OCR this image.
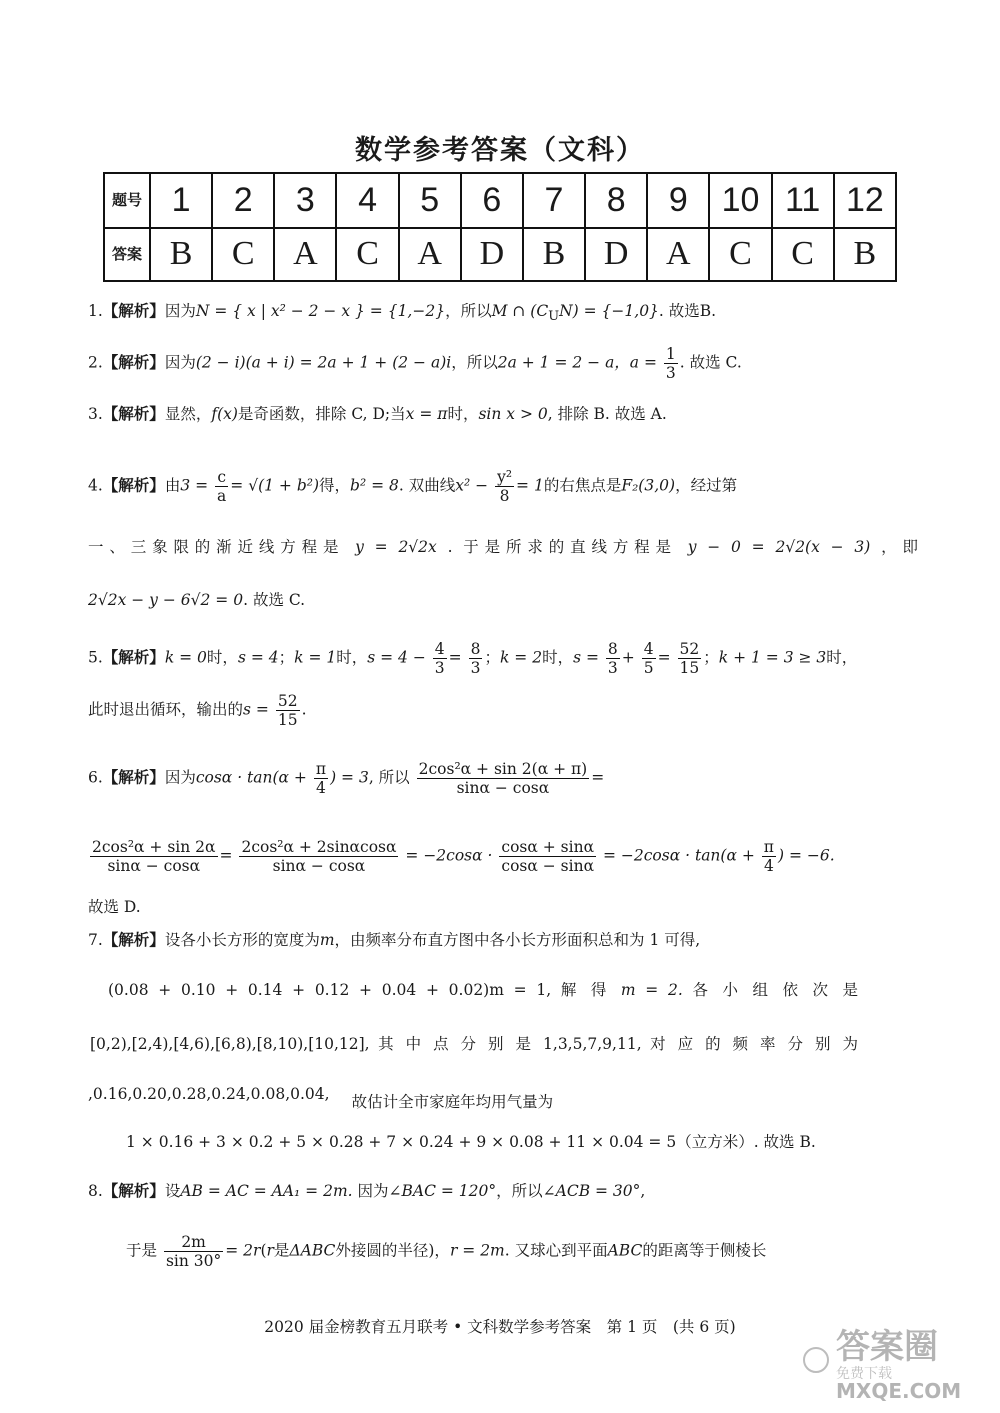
数学参考答案（文科）
题号	1	2	3	4	5	6	7	8	9	10	11	12
答案	B	C	A	C	A	D	B	D	A	C	C	B
1.【解析】因为N = { x | x² − 2 − x } = {1,−2}，所以M ∩ $(C_UN) = \{-1,0\}$. 故选B.
2.【解析】因为(2 − i)(a + i) = 2a + 1 + (2 − a)i，所以2a + 1 = 2 − a，$a = \frac{1}{3}$ . 故选 C.
3.【解析】显然，f(x)是奇函数，排除 C, D;当x = π时，sin x > 0, 排除 B. 故选 A.
4.【解析】由$3 = \frac{c}{a} = √(1 + b^2)$得，b² = 8. 双曲线$x^2 - \frac{\text{y²}}{8} = 1$的右焦点是F₂(3,0)，经过第
一、三象限的渐近线方程是 y = 2√2x . 于是所求的直线方程是 y − 0 = 2√2(x − 3) ，即
2√2x − y − 6√2 = 0. 故选 C.
5.【解析】k = 0时，s = 4；k = 1时，$s = 4 - \frac{4}{3} = \frac{8}{3}$ ；k = 2时，$s = \frac{8}{3} + \frac{4}{5} = \frac{52}{15}$ ；k + 1 = 3 ≥ 3时，
此时退出循环，输出的$s = \frac{52}{15}$ .
6.【解析】因为$\cos\alpha \cdot \tan(\alpha + \frac{\pi}{4}$ ) = 3, 所以 $\frac{\text{2cos²α + sin 2(α + π)}}{\sin\alpha - \cos\alpha}$ =
$\frac{\text{2cos²α + sin 2α}}{\sin\alpha - \cos\alpha} = \frac{\text{2cos²α + 2sinαcosα}}{\sin\alpha - \cos\alpha} = -2\cos\alpha \cdot \frac{\cos\alpha + \sin\alpha}{\cos\alpha - \sin\alpha} = -2\cos\alpha \cdot \tan(\alpha + \frac{\pi}{4}$ ) = −6.
故选 D.
7.【解析】设各小长方形的宽度为m，由频率分布直方图中各小长方形面积总和为 1 可得,
(0.08 + 0.10 + 0.14 + 0.12 + 0.04 + 0.02)m = 1, 解 得 m = 2. 各 小 组 依 次 是
[0,2),[2,4),[4,6),[6,8),[8,10),[10,12], 其 中 点 分 别 是 1,3,5,7,9,11, 对 应 的 频 率 分 别 为
,0.16,0.20,0.28,0.24,0.08,0.04, 故估计全市家庭年均用气量为
1 × 0.16 + 3 × 0.2 + 5 × 0.28 + 7 × 0.24 + 9 × 0.08 + 11 × 0.04 = 5（立方米）. 故选 B.
8.【解析】设AB = AC = AA₁ = 2m. 因为∠BAC = 120°，所以∠ACB = 30°,
于是 $\frac{2m}{\sin 30^\circ} = 2r(r$是ΔABC外接圆的半径)，r = 2m. 又球心到平面ABC的距离等于侧棱长
2020 届金榜教育五月联考 • 文科数学参考答案　第 1 页　(共 6 页)	答案圈
免费下载
MXQE.COM
